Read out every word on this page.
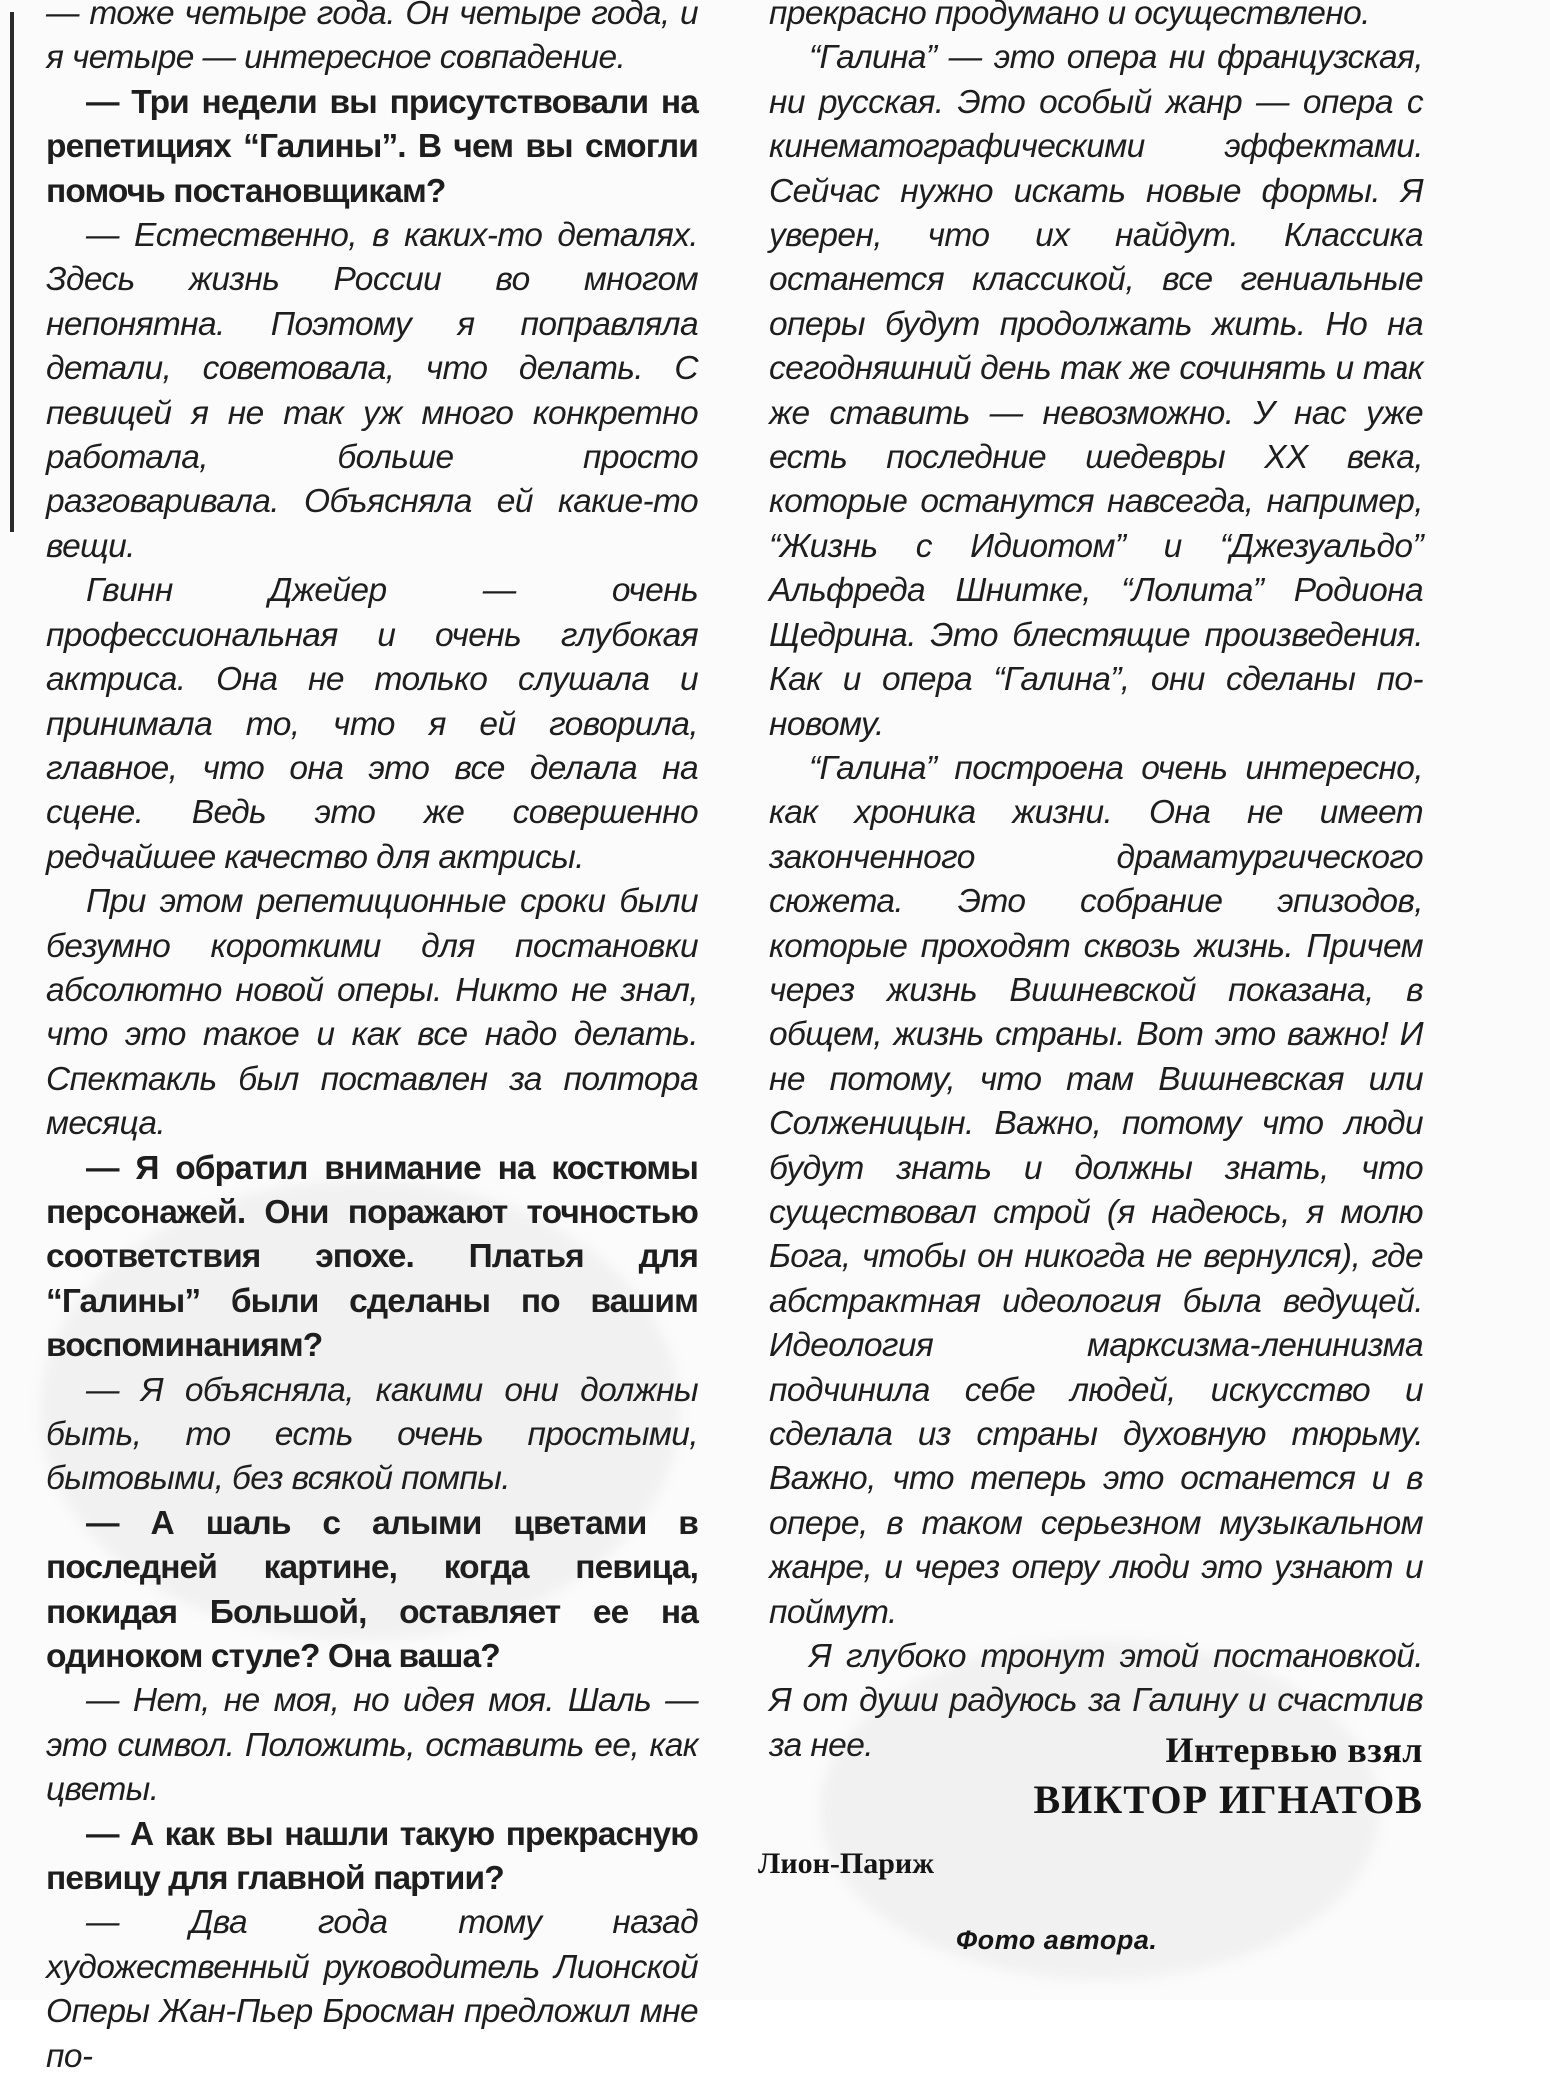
— тоже четыре года. Он четыре года, и я четыре — интересное совпадение.

— Три недели вы присутствовали на репетициях “Галины”. В чем вы смогли помочь постановщикам?

— Естественно, в каких-то деталях. Здесь жизнь России во многом непонятна. Поэтому я поправляла детали, советовала, что делать. С певицей я не так уж много конкретно работала, больше просто разговаривала. Объясняла ей какие-то вещи.

Гвинн Джейер — очень профессиональная и очень глубокая актриса. Она не только слушала и принимала то, что я ей говорила, главное, что она это все делала на сцене. Ведь это же совершенно редчайшее качество для актрисы.

При этом репетиционные сроки были безумно короткими для постановки абсолютно новой оперы. Никто не знал, что это такое и как все надо делать. Спектакль был поставлен за полтора месяца.

— Я обратил внимание на костюмы персонажей. Они поражают точностью соответствия эпохе. Платья для “Галины” были сделаны по вашим воспоминаниям?

— Я объясняла, какими они должны быть, то есть очень простыми, бытовыми, без всякой помпы.

— А шаль с алыми цветами в последней картине, когда певица, покидая Большой, оставляет ее на одиноком стуле? Она ваша?

— Нет, не моя, но идея моя. Шаль — это символ. Положить, оставить ее, как цветы.

— А как вы нашли такую прекрасную певицу для главной партии?

— Два года тому назад художественный руководитель Лионской Оперы Жан-Пьер Бросман предложил мне по-

прекрасно продумано и осуществлено.

“Галина” — это опера ни французская, ни русская. Это особый жанр — опера с кинематографическими эффектами. Сейчас нужно искать новые формы. Я уверен, что их найдут. Классика останется классикой, все гениальные оперы будут продолжать жить. Но на сегодняшний день так же сочинять и так же ставить — невозможно. У нас уже есть последние шедевры XX века, которые останутся навсегда, например, “Жизнь с Идиотом” и “Джезуальдо” Альфреда Шнитке, “Лолита” Родиона Щедрина. Это блестящие произведения. Как и опера “Галина”, они сделаны по-новому.

“Галина” построена очень интересно, как хроника жизни. Она не имеет законченного драматургического сюжета. Это собрание эпизодов, которые проходят сквозь жизнь. Причем через жизнь Вишневской показана, в общем, жизнь страны. Вот это важно! И не потому, что там Вишневская или Солженицын. Важно, потому что люди будут знать и должны знать, что существовал строй (я надеюсь, я молю Бога, чтобы он никогда не вернулся), где абстрактная идеология была ведущей. Идеология марксизма-ленинизма подчинила себе людей, искусство и сделала из страны духовную тюрьму. Важно, что теперь это останется и в опере, в таком серьезном музыкальном жанре, и через оперу люди это узнают и поймут.

Я глубоко тронут этой постановкой. Я от души радуюсь за Галину и счастлив за нее.	Интервью взял
ВИКТОР ИГНАТОВ
Лион-Париж
Фото автора.
